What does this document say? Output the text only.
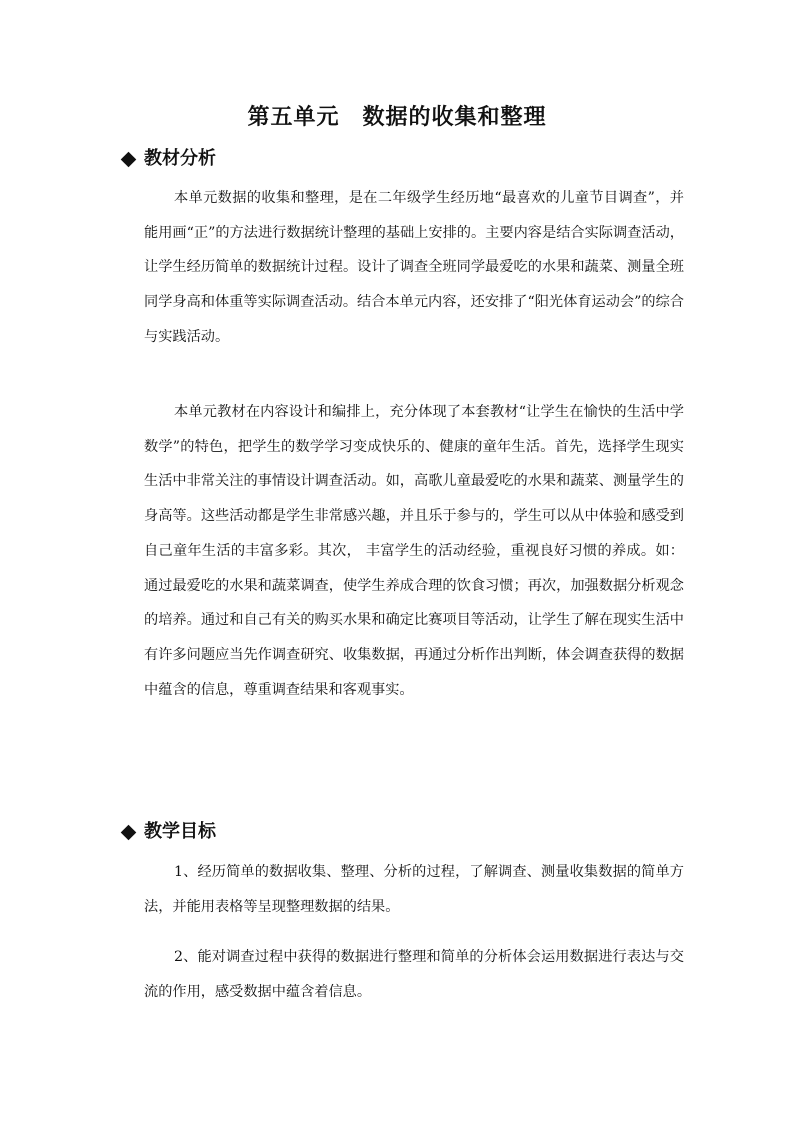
第五单元　数据的收集和整理
教材分析
本单元数据的收集和整理，是在二年级学生经历地“最喜欢的儿童节目调查”，并能用画“正”的方法进行数据统计整理的基础上安排的。主要内容是结合实际调查活动，让学生经历简单的数据统计过程。设计了调查全班同学最爱吃的水果和蔬菜、测量全班同学身高和体重等实际调查活动。结合本单元内容，还安排了“阳光体育运动会”的综合与实践活动。
本单元教材在内容设计和编排上，充分体现了本套教材“让学生在愉快的生活中学数学”的特色，把学生的数学学习变成快乐的、健康的童年生活。首先，选择学生现实生活中非常关注的事情设计调查活动。如，高歌儿童最爱吃的水果和蔬菜、测量学生的身高等。这些活动都是学生非常感兴趣，并且乐于参与的，学生可以从中体验和感受到自己童年生活的丰富多彩。其次， 丰富学生的活动经验，重视良好习惯的养成。如：通过最爱吃的水果和蔬菜调查，使学生养成合理的饮食习惯；再次，加强数据分析观念的培养。通过和自己有关的购买水果和确定比赛项目等活动，让学生了解在现实生活中有许多问题应当先作调查研究、收集数据，再通过分析作出判断，体会调查获得的数据中蕴含的信息，尊重调查结果和客观事实。
教学目标
1、经历简单的数据收集、整理、分析的过程，了解调查、测量收集数据的简单方法，并能用表格等呈现整理数据的结果。
2、能对调查过程中获得的数据进行整理和简单的分析体会运用数据进行表达与交流的作用，感受数据中蕴含着信息。
